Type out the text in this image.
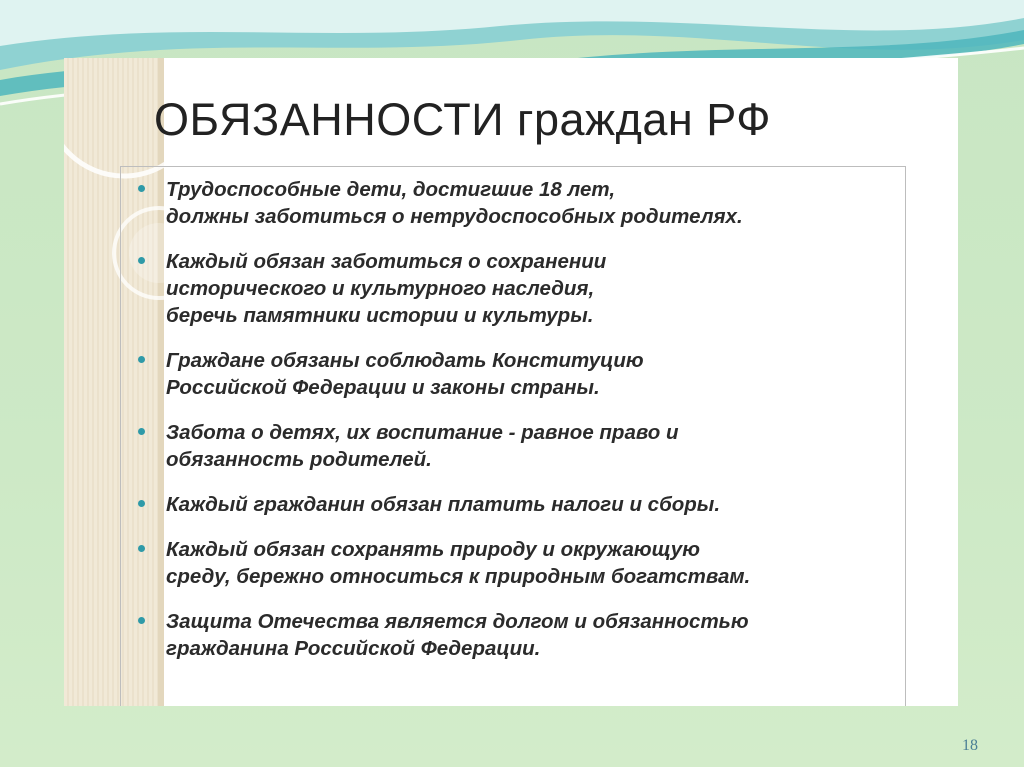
ОБЯЗАННОСТИ граждан РФ
Трудоспособные дети, достигшие 18 лет,
должны заботиться о нетрудоспособных родителях.
Каждый обязан заботиться о сохранении
исторического и культурного наследия,
беречь памятники истории и культуры.
Граждане обязаны соблюдать Конституцию
Российской Федерации и законы страны.
Забота о детях, их воспитание - равное право и
обязанность родителей.
Каждый гражданин обязан платить налоги и сборы.
Каждый обязан сохранять природу и окружающую
среду, бережно относиться к природным богатствам.
Защита Отечества является долгом и обязанностью
гражданина Российской Федерации.
18
